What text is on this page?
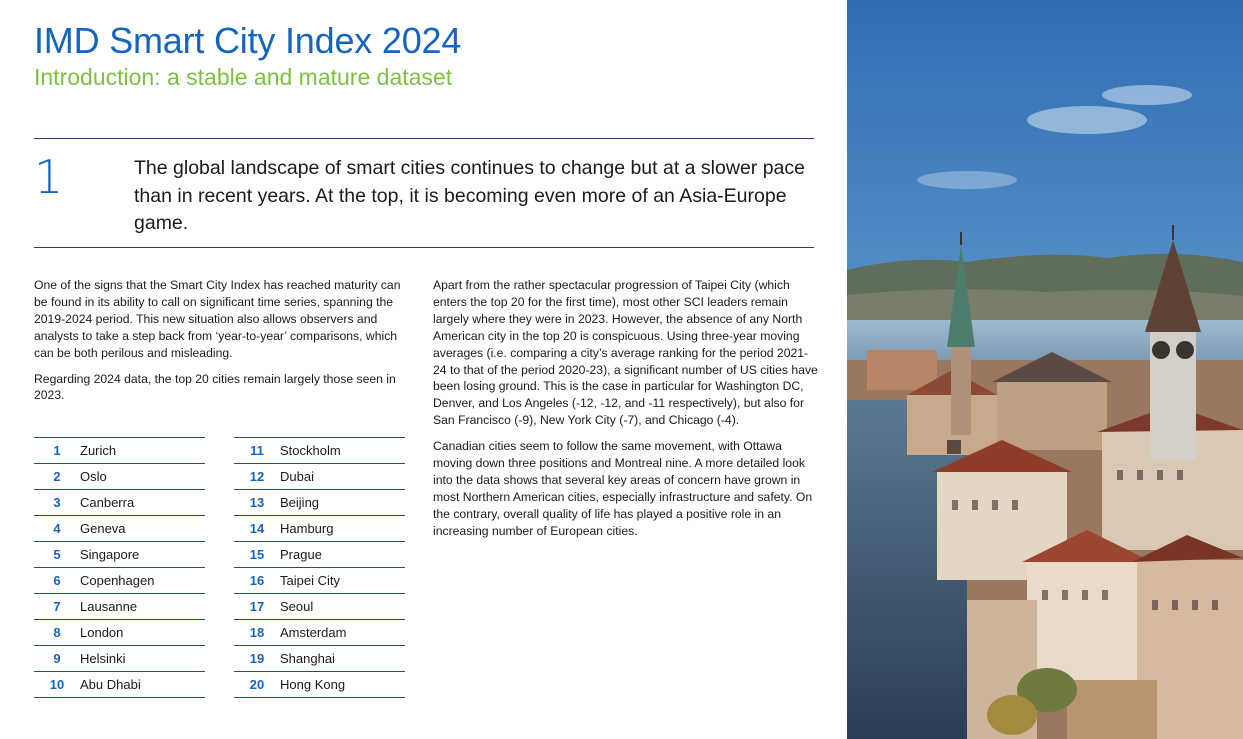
IMD Smart City Index 2024
Introduction: a stable and mature dataset
1	The global landscape of smart cities continues to change but at a slower pace than in recent years. At the top, it is becoming even more of an Asia-Europe game.

One of the signs that the Smart City Index has reached maturity can be found in its ability to call on significant time series, spanning the 2019-2024 period. This new situation also allows observers and analysts to take a step back from ‘year-to-year’ comparisons, which can be both perilous and misleading.

Regarding 2024 data, the top 20 cities remain largely those seen in 2023.

Apart from the rather spectacular progression of Taipei City (which enters the top 20 for the first time), most other SCI leaders remain largely where they were in 2023. However, the absence of any North American city in the top 20 is conspicuous. Using three-year moving averages (i.e. comparing a city’s average ranking for the period 2021-24 to that of the period 2020-23), a significant number of US cities have been losing ground. This is the case in particular for Washington DC, Denver, and Los Angeles (-12, -12, and -11 respectively), but also for San Francisco (-9), New York City (-7), and Chicago (-4).

Canadian cities seem to follow the same movement, with Ottawa moving down three positions and Montreal nine. A more detailed look into the data shows that several key areas of concern have grown in most Northern American cities, especially infrastructure and safety. On the contrary, overall quality of life has played a positive role in an increasing number of European cities.

1	Zurich
2	Oslo
3	Canberra
4	Geneva
5	Singapore
6	Copenhagen
7	Lausanne
8	London
9	Helsinki
10	Abu Dhabi
11	Stockholm
12	Dubai
13	Beijing
14	Hamburg
15	Prague
16	Taipei City
17	Seoul
18	Amsterdam
19	Shanghai
20	Hong Kong
